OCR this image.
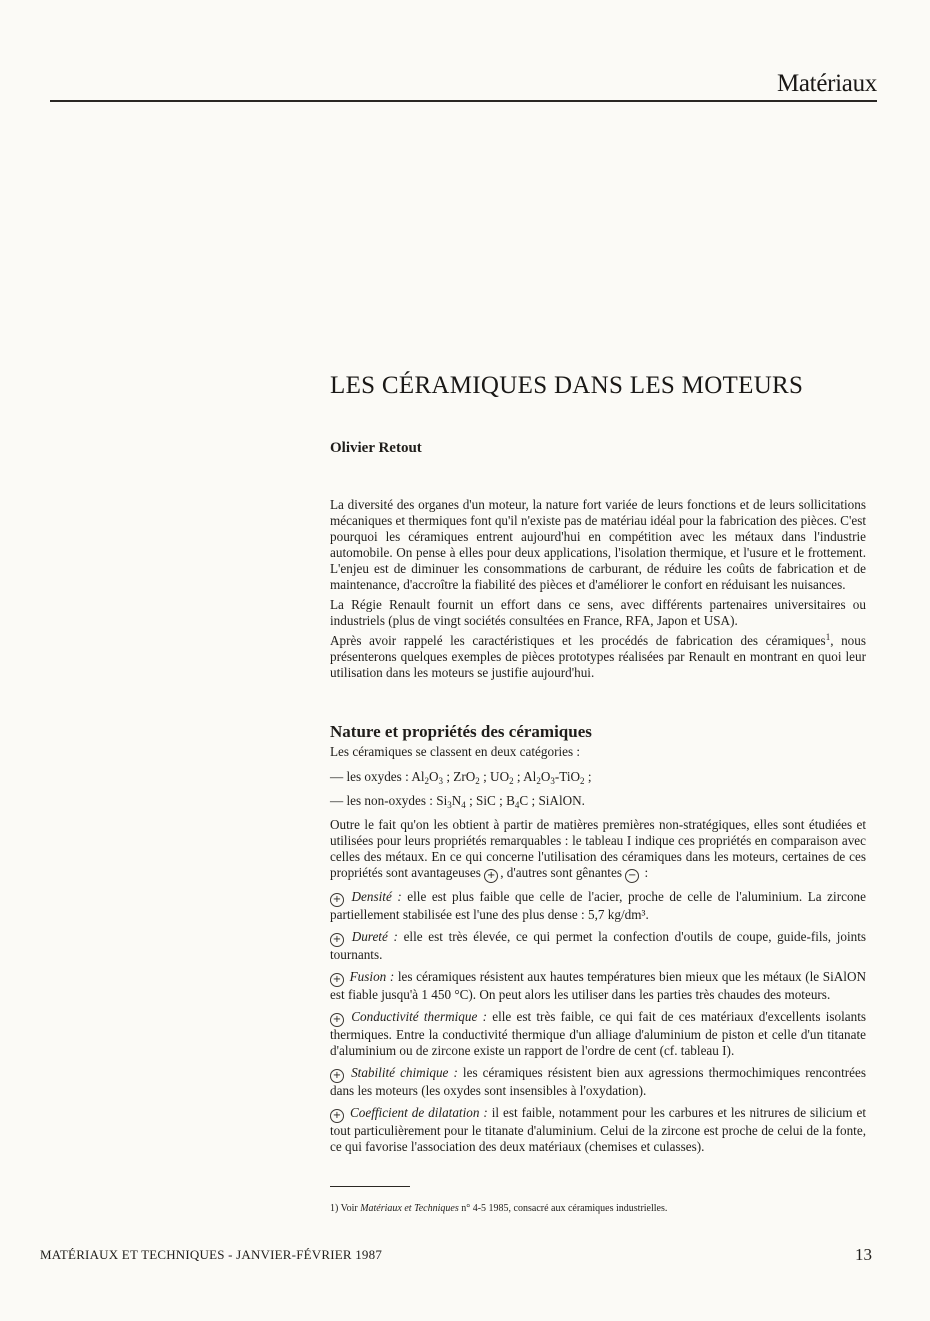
Matériaux
LES CÉRAMIQUES DANS LES MOTEURS
Olivier Retout

La diversité des organes d'un moteur, la nature fort variée de leurs fonctions et de leurs sollicitations mécaniques et thermiques font qu'il n'existe pas de matériau idéal pour la fabrication des pièces. C'est pourquoi les céramiques entrent aujourd'hui en compétition avec les métaux dans l'industrie automobile. On pense à elles pour deux applications, l'isolation thermique, et l'usure et le frottement. L'enjeu est de diminuer les consommations de carburant, de réduire les coûts de fabrication et de maintenance, d'accroître la fiabilité des pièces et d'améliorer le confort en réduisant les nuisances.

La Régie Renault fournit un effort dans ce sens, avec différents partenaires universitaires ou industriels (plus de vingt sociétés consultées en France, RFA, Japon et USA).

Après avoir rappelé les caractéristiques et les procédés de fabrication des céramiques$^1$, nous présenterons quelques exemples de pièces prototypes réalisées par Renault en montrant en quoi leur utilisation dans les moteurs se justifie aujourd'hui.

Nature et propriétés des céramiques

Les céramiques se classent en deux catégories :

— les oxydes : $Al_2O_3$ ; ZrO$_2$ ; $UO_2$ ; $Al_2O_3-TiO_2$ ;

— les non-oxydes : $Si_3N_4$ ; SiC ; $B_4C$ ; SiAlON.

Outre le fait qu'on les obtient à partir de matières premières non-stratégiques, elles sont étudiées et utilisées pour leurs propriétés remarquables : le tableau I indique ces propriétés en comparaison avec celles des métaux. En ce qui concerne l'utilisation des céramiques dans les moteurs, certaines de ces propriétés sont avantageuses + , d'autres sont gênantes − :

+ Densité : elle est plus faible que celle de l'acier, proche de celle de l'aluminium. La zircone partiellement stabilisée est l'une des plus dense : 5,7 kg/dm³.

+ Dureté : elle est très élevée, ce qui permet la confection d'outils de coupe, guide-fils, joints tournants.

+ Fusion : les céramiques résistent aux hautes températures bien mieux que les métaux (le SiAlON est fiable jusqu'à 1 450 °C). On peut alors les utiliser dans les parties très chaudes des moteurs.

+ Conductivité thermique : elle est très faible, ce qui fait de ces matériaux d'excellents isolants thermiques. Entre la conductivité thermique d'un alliage d'aluminium de piston et celle d'un titanate d'aluminium ou de zircone existe un rapport de l'ordre de cent (cf. tableau I).

+ Stabilité chimique : les céramiques résistent bien aux agressions thermochimiques rencontrées dans les moteurs (les oxydes sont insensibles à l'oxydation).

+ Coefficient de dilatation : il est faible, notamment pour les carbures et les nitrures de silicium et tout particulièrement pour le titanate d'aluminium. Celui de la zircone est proche de celui de la fonte, ce qui favorise l'association des deux matériaux (chemises et culasses).

1) Voir Matériaux et Techniques n° 4-5 1985, consacré aux céramiques industrielles.
MATÉRIAUX ET TECHNIQUES - JANVIER-FÉVRIER 1987	13
